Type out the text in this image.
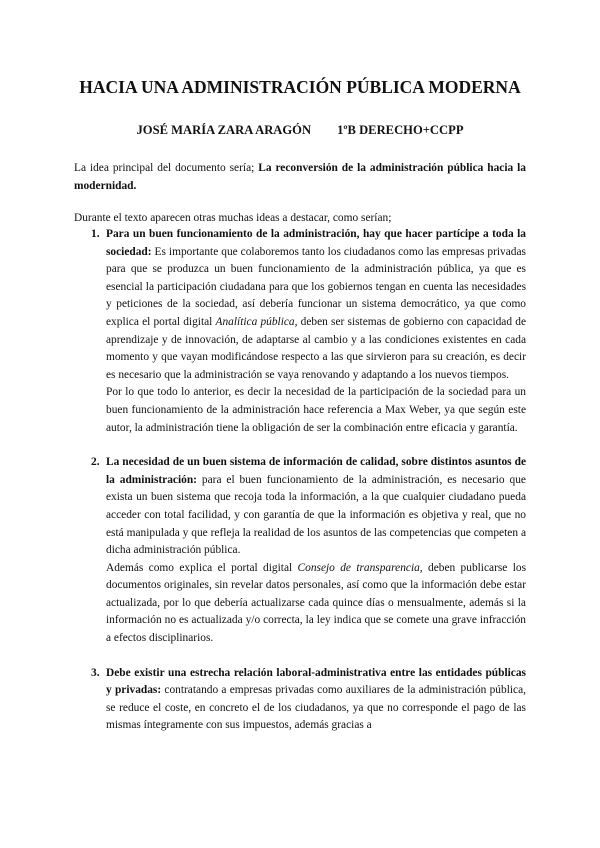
HACIA UNA ADMINISTRACIÓN PÚBLICA MODERNA
JOSÉ MARÍA ZARA ARAGÓN 1ºB DERECHO+CCPP
La idea principal del documento sería; La reconversión de la administración pública hacia la modernidad.
Durante el texto aparecen otras muchas ideas a destacar, como serían;
1. Para un buen funcionamiento de la administración, hay que hacer partícipe a toda la sociedad: Es importante que colaboremos tanto los ciudadanos como las empresas privadas para que se produzca un buen funcionamiento de la administración pública, ya que es esencial la participación ciudadana para que los gobiernos tengan en cuenta las necesidades y peticiones de la sociedad, así debería funcionar un sistema democrático, ya que como explica el portal digital Analítica pública, deben ser sistemas de gobierno con capacidad de aprendizaje y de innovación, de adaptarse al cambio y a las condiciones existentes en cada momento y que vayan modificándose respecto a las que sirvieron para su creación, es decir es necesario que la administración se vaya renovando y adaptando a los nuevos tiempos.

Por lo que todo lo anterior, es decir la necesidad de la participación de la sociedad para un buen funcionamiento de la administración hace referencia a Max Weber, ya que según este autor, la administración tiene la obligación de ser la combinación entre eficacia y garantía.

2. La necesidad de un buen sistema de información de calidad, sobre distintos asuntos de la administración: para el buen funcionamiento de la administración, es necesario que exista un buen sistema que recoja toda la información, a la que cualquier ciudadano pueda acceder con total facilidad, y con garantía de que la información es objetiva y real, que no está manipulada y que refleja la realidad de los asuntos de las competencias que competen a dicha administración pública.

Además como explica el portal digital Consejo de transparencia, deben publicarse los documentos originales, sin revelar datos personales, así como que la información debe estar actualizada, por lo que debería actualizarse cada quince días o mensualmente, además si la información no es actualizada y/o correcta, la ley indica que se comete una grave infracción a efectos disciplinarios.

3. Debe existir una estrecha relación laboral-administrativa entre las entidades públicas y privadas: contratando a empresas privadas como auxiliares de la administración pública, se reduce el coste, en concreto el de los ciudadanos, ya que no corresponde el pago de las mismas íntegramente con sus impuestos, además gracias a
